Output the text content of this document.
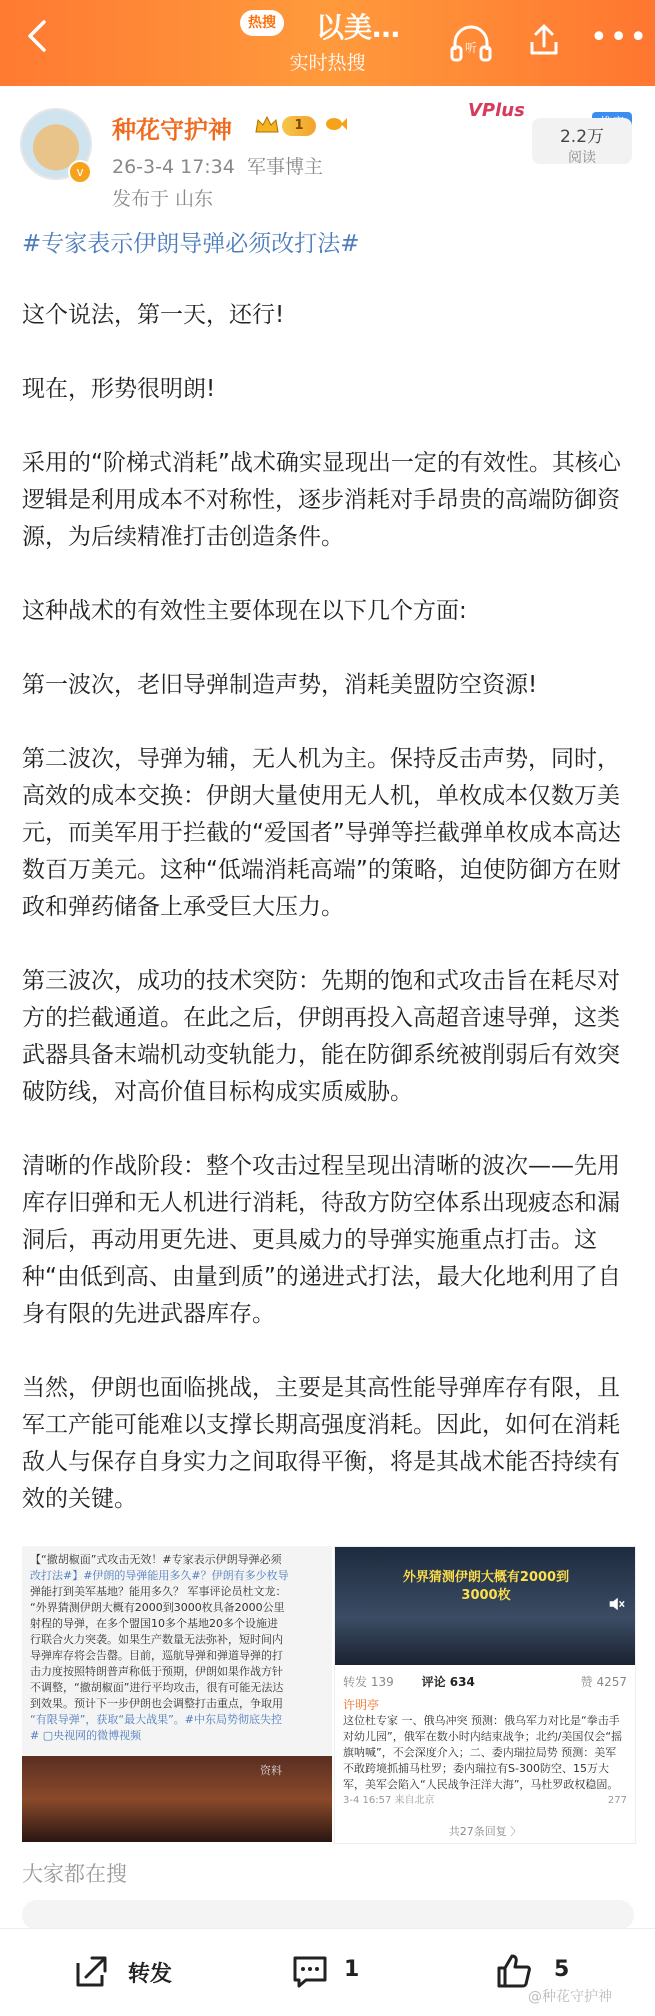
热搜 以美…
实时热搜
听	•••
v
种花守护神	1
26-3-4 17:34 军事博主
发布于 山东
VPlus
2.2万
阅读

#专家表示伊朗导弹必须改打法#

这个说法，第一天，还行!

现在，形势很明朗!

采用的“阶梯式消耗”战术确实显现出一定的有效性。其核心逻辑是利用成本不对称性，逐步消耗对手昂贵的高端防御资源，为后续精准打击创造条件。

这种战术的有效性主要体现在以下几个方面:

第一波次，老旧导弹制造声势，消耗美盟防空资源!

第二波次，导弹为辅，无人机为主。保持反击声势，同时，高效的成本交换：伊朗大量使用无人机，单枚成本仅数万美元，而美军用于拦截的“爱国者”导弹等拦截弹单枚成本高达数百万美元。这种“低端消耗高端”的策略，迫使防御方在财政和弹药储备上承受巨大压力。

第三波次，成功的技术突防：先期的饱和式攻击旨在耗尽对方的拦截通道。在此之后，伊朗再投入高超音速导弹，这类武器具备末端机动变轨能力，能在防御系统被削弱后有效突破防线，对高价值目标构成实质威胁。

清晰的作战阶段：整个攻击过程呈现出清晰的波次——先用库存旧弹和无人机进行消耗，待敌方防空体系出现疲态和漏洞后，再动用更先进、更具威力的导弹实施重点打击。这种“由低到高、由量到质”的递进式打法，最大化地利用了自身有限的先进武器库存。

当然，伊朗也面临挑战，主要是其高性能导弹库存有限，且军工产能可能难以支撑长期高强度消耗。因此，如何在消耗敌人与保存自身实力之间取得平衡，将是其战术能否持续有效的关键。

【“撤胡椒面”式攻击无效！#专家表示伊朗导弹必须
改打法#】#伊朗的导弹能用多久#？伊朗有多少枚导
弹能打到美军基地？能用多久？ 军事评论员杜文龙：
“外界猜测伊朗大概有2000到3000枚具备2000公里
射程的导弹，在多个盟国10多个基地20多个设施进
行联合火力突袭。如果生产数量无法弥补，短时间内
导弹库存将会告罄。目前，巡航导弹和弹道导弹的打
击力度按照特朗普声称低于预期，伊朗如果作战方针
不调整，“撤胡椒面”进行平均攻击，很有可能无法达
到效果。预计下一步伊朗也会调整打击重点，争取用
“有限导弹”，获取“最大战果”。#中东局势彻底失控
# ▢央视网的微博视频
资料
外界猜测伊朗大概有2000到3000枚
转发 139 评论 634	赞 4257
许明亭
这位杜专家 一、俄乌冲突 预测：俄乌军力对比是“拳击手对幼儿园”，俄军在数小时内结束战争；北约/美国仅会“摇旗呐喊”，不会深度介入；二、委内瑞拉局势 预测：美军不敢跨境抓捕马杜罗；委内瑞拉有S-300防空、15万大军，美军会陷入“人民战争汪洋大海”，马杜罗政权稳固。
3-4 16:57 来自北京	277
共27条回复 〉
大家都在搜
转发	1	5
@种花守护神
